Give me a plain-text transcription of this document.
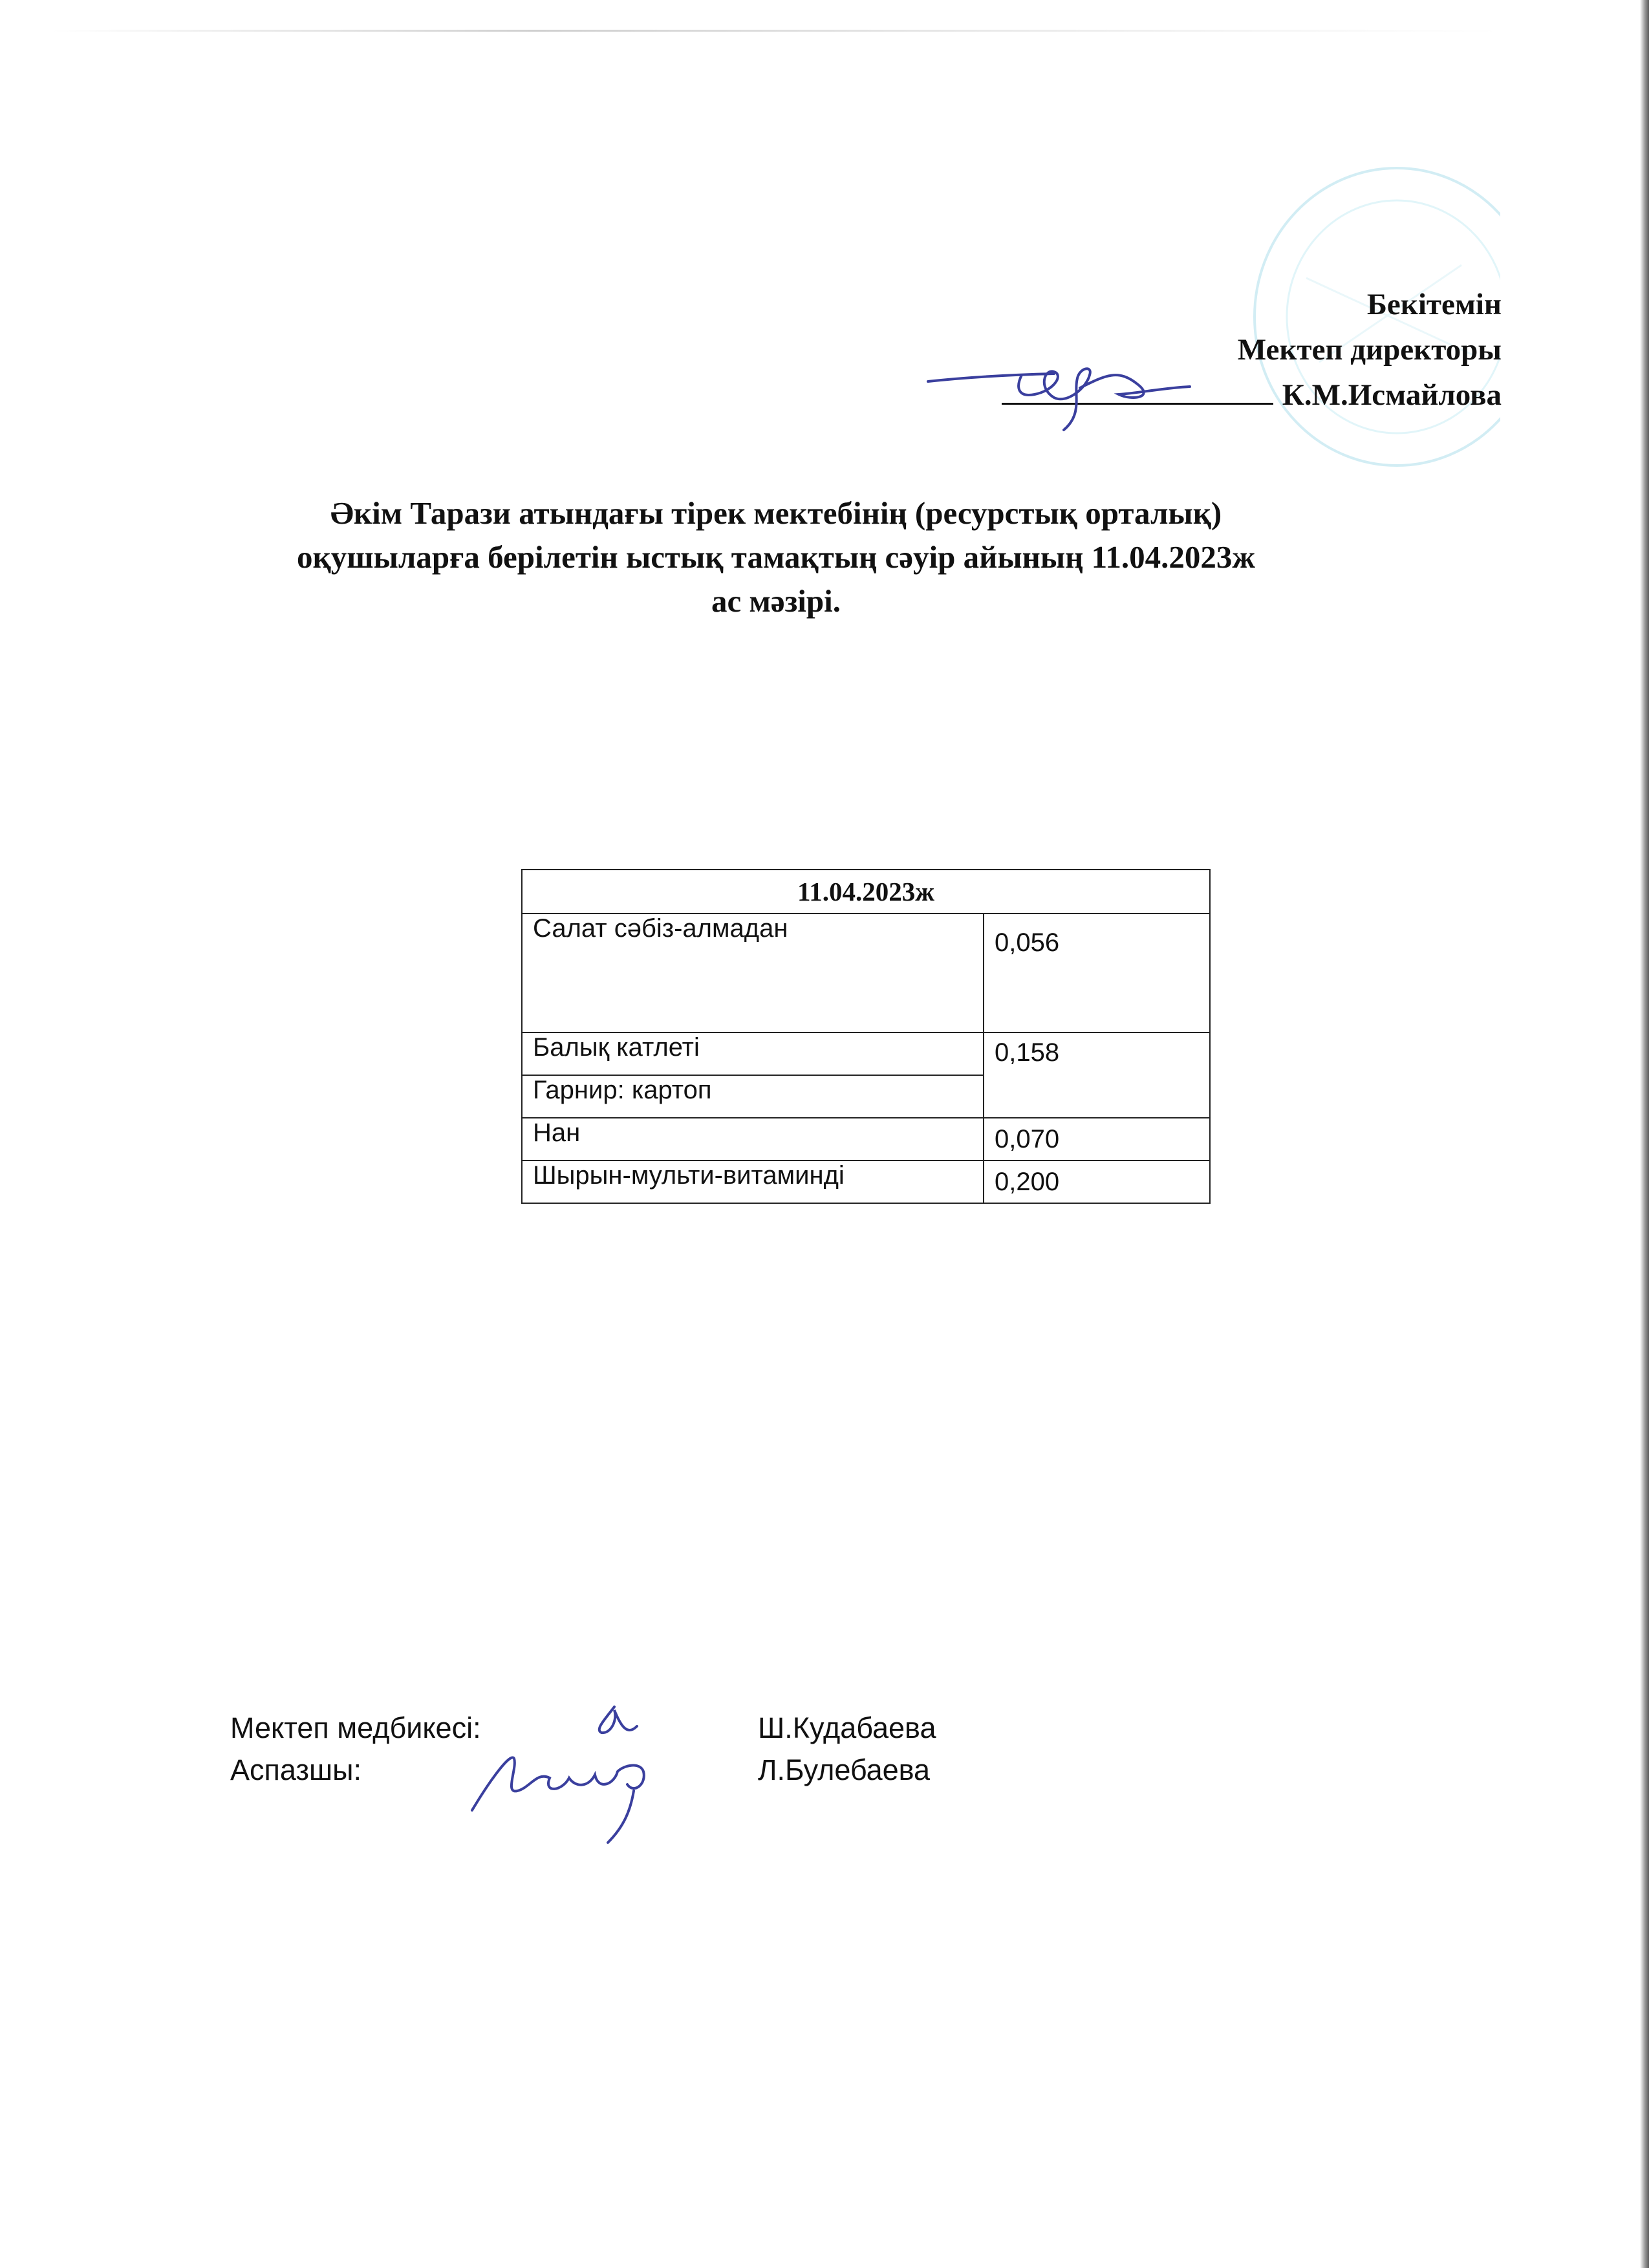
Бекітемін
Мектеп директоры
К.М.Исмайлова
Әкім Тарази атындағы тірек мектебінің (ресурстық орталық)
оқушыларға берілетін ыстық тамақтың сәуір айының 11.04.2023ж
ас мәзірі.
11.04.2023ж	
Салат сәбіз-алмадан	0,056
Балық катлеті	0,158
Гарнир: картоп	
Нан	0,070
Шырын-мульти-витаминді	0,200
Мектеп медбикесі:
Аспазшы:
Ш.Кудабаева
Л.Булебаева
